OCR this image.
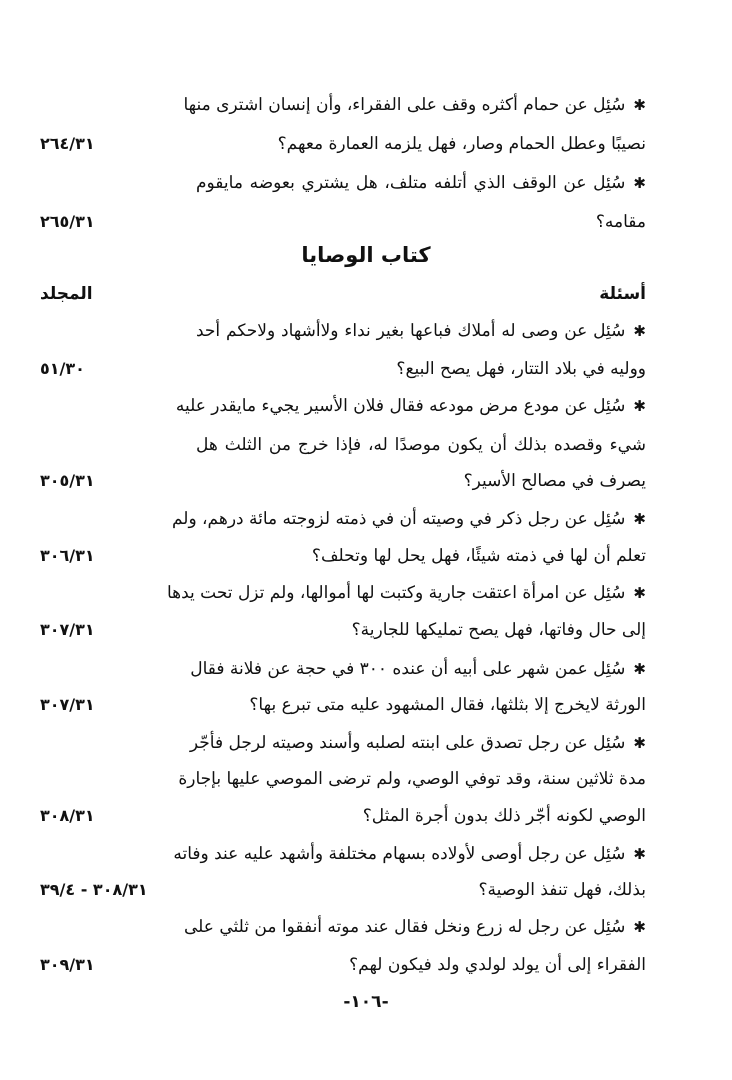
✱سُئِل عن حمام أكثره وقف على الفقراء، وأن إنسان اشترى منها
نصيبًا وعطل الحمام وصار، فهل يلزمه العمارة معهم؟
٢٦٤/٣١
✱سُئِل عن الوقف الذي أتلفه متلف، هل يشتري بعوضه مايقوم
مقامه؟
٢٦٥/٣١
كتاب الوصايا
أسئلة
المجلد
✱سُئِل عن وصى له أملاك فباعها بغير نداء ولاأشهاد ولاحكم أحد
ووليه في بلاد التتار، فهل يصح البيع؟
٥١/٣٠
✱سُئِل عن مودع مرض مودعه فقال فلان الأسير يجيء مايقدر عليه
شيء وقصده بذلك أن يكون موصدًا له، فإذا خرج من الثلث هل
يصرف في مصالح الأسير؟
٣٠٥/٣١
✱سُئِل عن رجل ذكر في وصيته أن في ذمته لزوجته مائة درهم، ولم
تعلم أن لها في ذمته شيئًا، فهل يحل لها وتحلف؟
٣٠٦/٣١
✱سُئِل عن امرأة اعتقت جارية وكتبت لها أموالها، ولم تزل تحت يدها
إلى حال وفاتها، فهل يصح تمليكها للجارية؟
٣٠٧/٣١
✱سُئِل عمن شهر على أبيه أن عنده ٣٠٠ في حجة عن فلانة فقال
الورثة لايخرج إلا بثلثها، فقال المشهود عليه متى تبرع بها؟
٣٠٧/٣١
✱سُئِل عن رجل تصدق على ابنته لصلبه وأسند وصيته لرجل فأجّر
مدة ثلاثين سنة، وقد توفي الوصي، ولم ترضى الموصي عليها بإجارة
الوصي لكونه أجّر ذلك بدون أجرة المثل؟
٣٠٨/٣١
✱سُئِل عن رجل أوصى لأولاده بسهام مختلفة وأشهد عليه عند وفاته
بذلك، فهل تنفذ الوصية؟
٣٠٨/٣١ - ٣٩/٤
✱سُئِل عن رجل له زرع ونخل فقال عند موته أنفقوا من ثلثي على
الفقراء إلى أن يولد لولدي ولد فيكون لهم؟
٣٠٩/٣١
-١٠٦-
